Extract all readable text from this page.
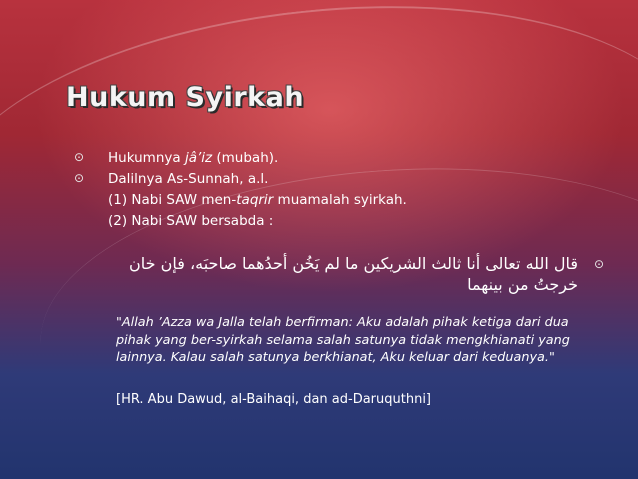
Hukum Syirkah
⊙ Hukumnya jâ’iz (mubah).
⊙ Dalilnya As-Sunnah, a.l.
(1) Nabi SAW men-taqrir muamalah syirkah.
(2) Nabi SAW bersabda :
⊙
قال الله تعالى أنا ثالث الشريكين ما لم يَخُن أحدُهما صاحبَه، فإن خان خرجتُ من بينهما
"Allah ’Azza wa Jalla telah berfirman: Aku adalah pihak ketiga dari dua pihak yang ber-syirkah selama salah satunya tidak mengkhianati yang lainnya. Kalau salah satunya berkhianat, Aku keluar dari keduanya."
[HR. Abu Dawud, al-Baihaqi, dan ad-Daruquthni]
